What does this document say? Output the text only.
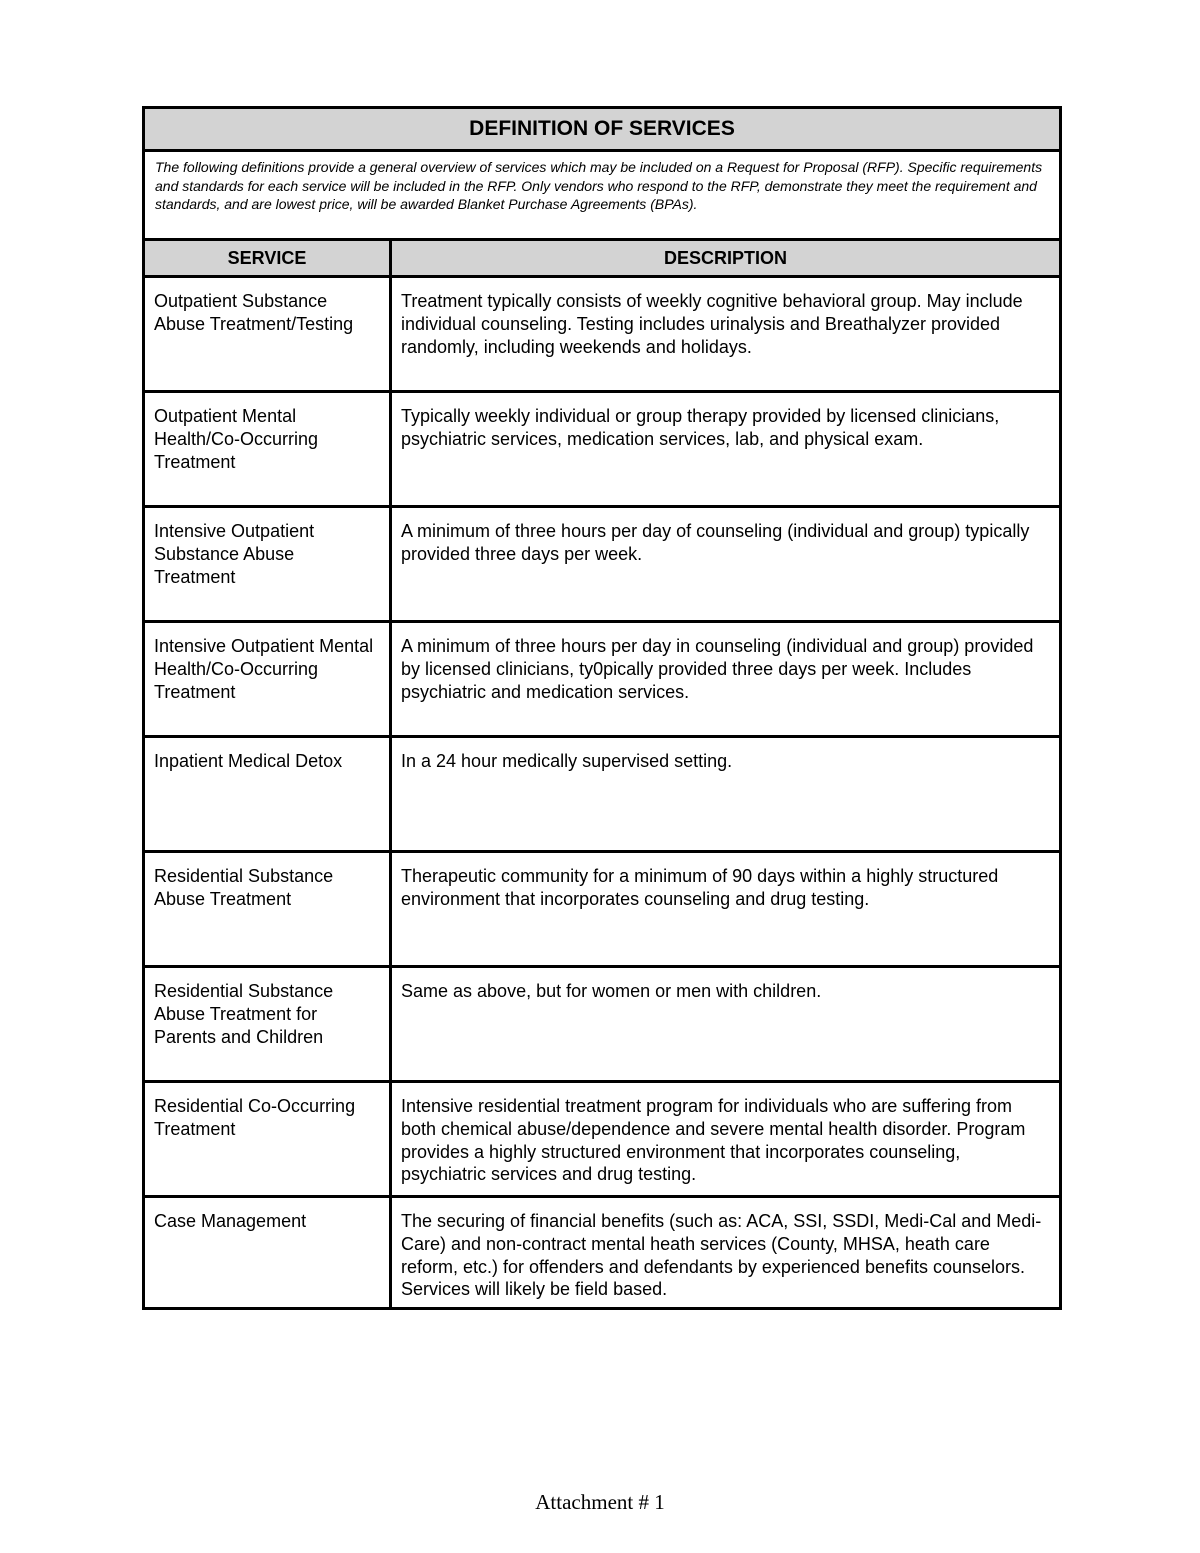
DEFINITION OF SERVICES	
The following definitions provide a general overview of services which may be included on a Request for Proposal (RFP). Specific requirements and standards for each service will be included in the RFP. Only vendors who respond to the RFP, demonstrate they meet the requirement and standards, and are lowest price, will be awarded Blanket Purchase Agreements (BPAs).	
SERVICE	DESCRIPTION
Outpatient Substance Abuse Treatment/Testing	Treatment typically consists of weekly cognitive behavioral group. May include individual counseling. Testing includes urinalysis and Breathalyzer provided randomly, including weekends and holidays.
Outpatient Mental Health/Co-Occurring Treatment	Typically weekly individual or group therapy provided by licensed clinicians, psychiatric services, medication services, lab, and physical exam.
Intensive Outpatient Substance Abuse Treatment	A minimum of three hours per day of counseling (individual and group) typically provided three days per week.
Intensive Outpatient Mental Health/Co-Occurring Treatment	A minimum of three hours per day in counseling (individual and group) provided by licensed clinicians, ty0pically provided three days per week. Includes psychiatric and medication services.
Inpatient Medical Detox	In a 24 hour medically supervised setting.
Residential Substance Abuse Treatment	Therapeutic community for a minimum of 90 days within a highly structured environment that incorporates counseling and drug testing.
Residential Substance Abuse Treatment for Parents and Children	Same as above, but for women or men with children.
Residential Co-Occurring Treatment	Intensive residential treatment program for individuals who are suffering from both chemical abuse/dependence and severe mental health disorder. Program provides a highly structured environment that incorporates counseling, psychiatric services and drug testing.
Case Management	The securing of financial benefits (such as: ACA, SSI, SSDI, Medi-Cal and Medi-Care) and non-contract mental heath services (County, MHSA, heath care reform, etc.) for offenders and defendants by experienced benefits counselors. Services will likely be field based.
Attachment # 1
